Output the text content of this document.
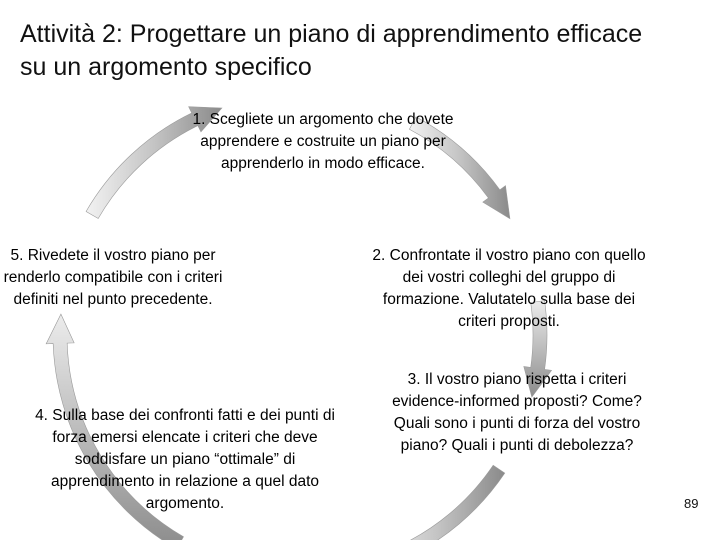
Attività 2: Progettare un piano di apprendimento efficace su un argomento specifico
1. Scegliete un argomento che dovete apprendere e costruite un piano per apprenderlo in modo efficace.
2. Confrontate il vostro piano con quello dei vostri colleghi del gruppo di formazione. Valutatelo sulla base dei criteri proposti.
3. Il vostro piano rispetta i criteri evidence-informed proposti? Come? Quali sono i punti di forza del vostro piano? Quali i punti di debolezza?
4. Sulla base dei confronti fatti e dei punti di forza emersi elencate i criteri che deve soddisfare un piano “ottimale” di apprendimento in relazione a quel dato argomento.
5. Rivedete il vostro piano per renderlo compatibile con i criteri definiti nel punto precedente.
89
